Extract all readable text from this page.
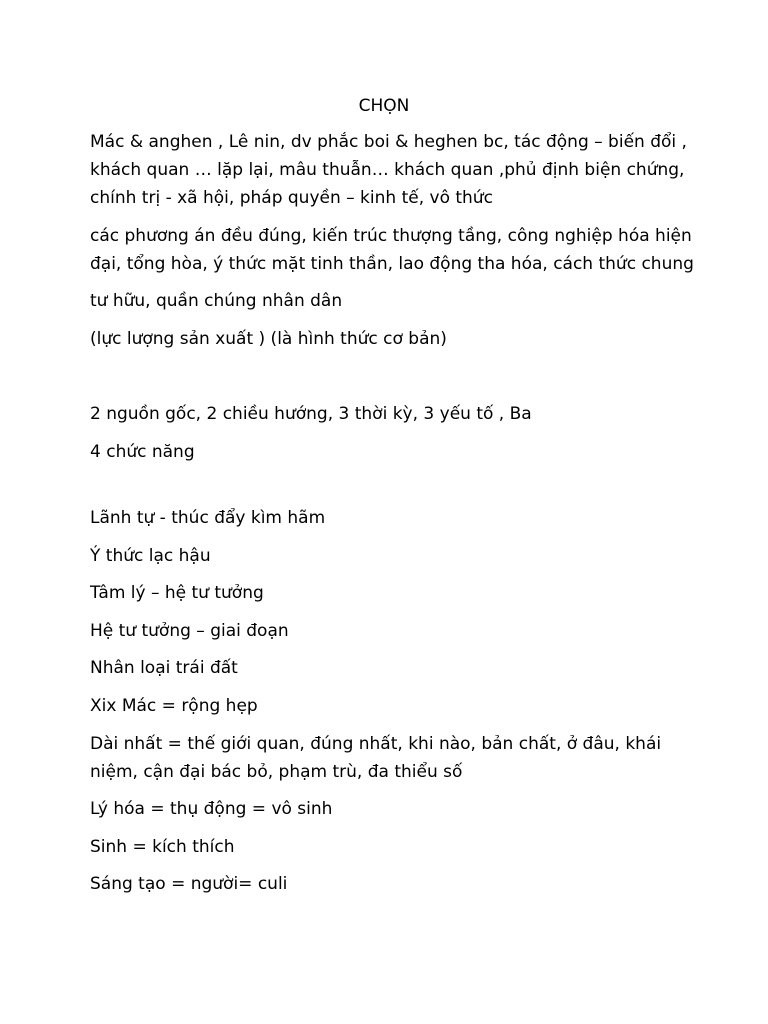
CHỌN
Mác & anghen , Lê nin, dv phắc boi & heghen bc, tác động – biến đổi ,
khách quan … lặp lại, mâu thuẫn… khách quan ,phủ định biện chứng,
chính trị - xã hội, pháp quyền – kinh tế, vô thức
các phương án đều đúng, kiến trúc thượng tầng, công nghiệp hóa hiện
đại, tổng hòa, ý thức mặt tinh thần, lao động tha hóa, cách thức chung
tư hữu, quần chúng nhân dân
(lực lượng sản xuất ) (là hình thức cơ bản)
2 nguồn gốc, 2 chiều hướng, 3 thời kỳ, 3 yếu tố , Ba
4 chức năng
Lãnh tự - thúc đẩy kìm hãm
Ý thức lạc hậu
Tâm lý – hệ tư tưởng
Hệ tư tưởng – giai đoạn
Nhân loại trái đất
Xix Mác = rộng hẹp
Dài nhất = thế giới quan, đúng nhất, khi nào, bản chất, ở đâu, khái
niệm, cận đại bác bỏ, phạm trù, đa thiểu số
Lý hóa = thụ động = vô sinh
Sinh = kích thích
Sáng tạo = người= culi
